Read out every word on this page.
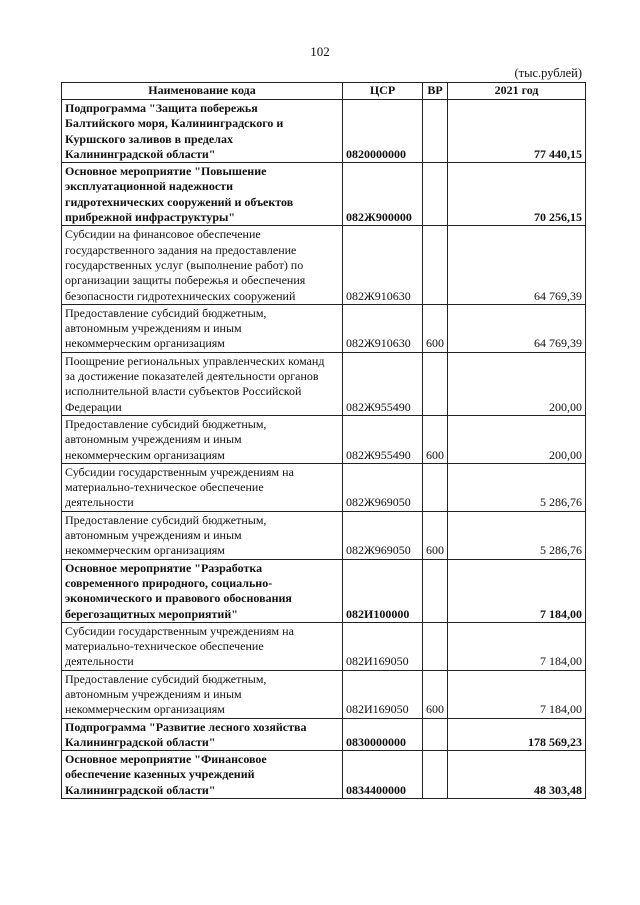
102
(тыс.рублей)
Наименование кода	ЦСР	ВР	2021 год

Подпрограмма "Защита побережья
Балтийского моря, Калининградского и
Куршского заливов в пределах
Калининградской области"	0820000000		77 440,15

Основное мероприятие "Повышение
эксплуатационной надежности
гидротехнических сооружений и объектов
прибрежной инфраструктуры"	082Ж900000		70 256,15

Субсидии на финансовое обеспечение
государственного задания на предоставление
государственных услуг (выполнение работ) по
организации защиты побережья и обеспечения
безопасности гидротехнических сооружений	082Ж910630		64 769,39

Предоставление субсидий бюджетным,
автономным учреждениям и иным
некоммерческим организациям	082Ж910630	600	64 769,39

Поощрение региональных управленческих команд
за достижение показателей деятельности органов
исполнительной власти субъектов Российской
Федерации	082Ж955490		200,00

Предоставление субсидий бюджетным,
автономным учреждениям и иным
некоммерческим организациям	082Ж955490	600	200,00

Субсидии государственным учреждениям на
материально-техническое обеспечение
деятельности	082Ж969050		5 286,76

Предоставление субсидий бюджетным,
автономным учреждениям и иным
некоммерческим организациям	082Ж969050	600	5 286,76

Основное мероприятие "Разработка
современного природного, социально-
экономического и правового обоснования
берегозащитных мероприятий"	082И100000		7 184,00

Субсидии государственным учреждениям на
материально-техническое обеспечение
деятельности	082И169050		7 184,00

Предоставление субсидий бюджетным,
автономным учреждениям и иным
некоммерческим организациям	082И169050	600	7 184,00

Подпрограмма "Развитие лесного хозяйства
Калининградской области"	0830000000		178 569,23

Основное мероприятие "Финансовое
обеспечение казенных учреждений
Калининградской области"	0834400000		48 303,48
